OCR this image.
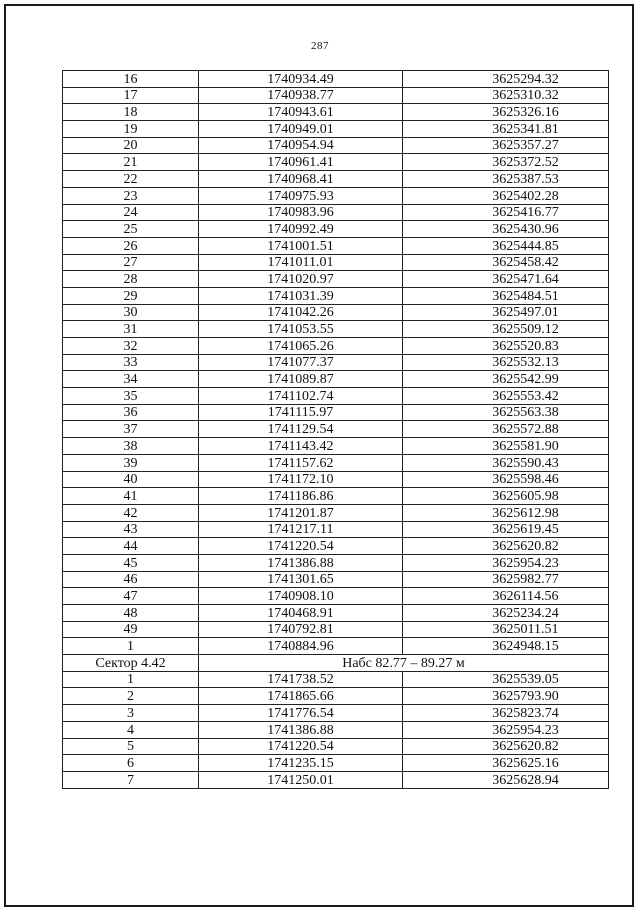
287
16	1740934.49	3625294.32
17	1740938.77	3625310.32
18	1740943.61	3625326.16
19	1740949.01	3625341.81
20	1740954.94	3625357.27
21	1740961.41	3625372.52
22	1740968.41	3625387.53
23	1740975.93	3625402.28
24	1740983.96	3625416.77
25	1740992.49	3625430.96
26	1741001.51	3625444.85
27	1741011.01	3625458.42
28	1741020.97	3625471.64
29	1741031.39	3625484.51
30	1741042.26	3625497.01
31	1741053.55	3625509.12
32	1741065.26	3625520.83
33	1741077.37	3625532.13
34	1741089.87	3625542.99
35	1741102.74	3625553.42
36	1741115.97	3625563.38
37	1741129.54	3625572.88
38	1741143.42	3625581.90
39	1741157.62	3625590.43
40	1741172.10	3625598.46
41	1741186.86	3625605.98
42	1741201.87	3625612.98
43	1741217.11	3625619.45
44	1741220.54	3625620.82
45	1741386.88	3625954.23
46	1741301.65	3625982.77
47	1740908.10	3626114.56
48	1740468.91	3625234.24
49	1740792.81	3625011.51
1	1740884.96	3624948.15
Сектор 4.42	Набс 82.77 – 89.27 м	
1	1741738.52	3625539.05
2	1741865.66	3625793.90
3	1741776.54	3625823.74
4	1741386.88	3625954.23
5	1741220.54	3625620.82
6	1741235.15	3625625.16
7	1741250.01	3625628.94
